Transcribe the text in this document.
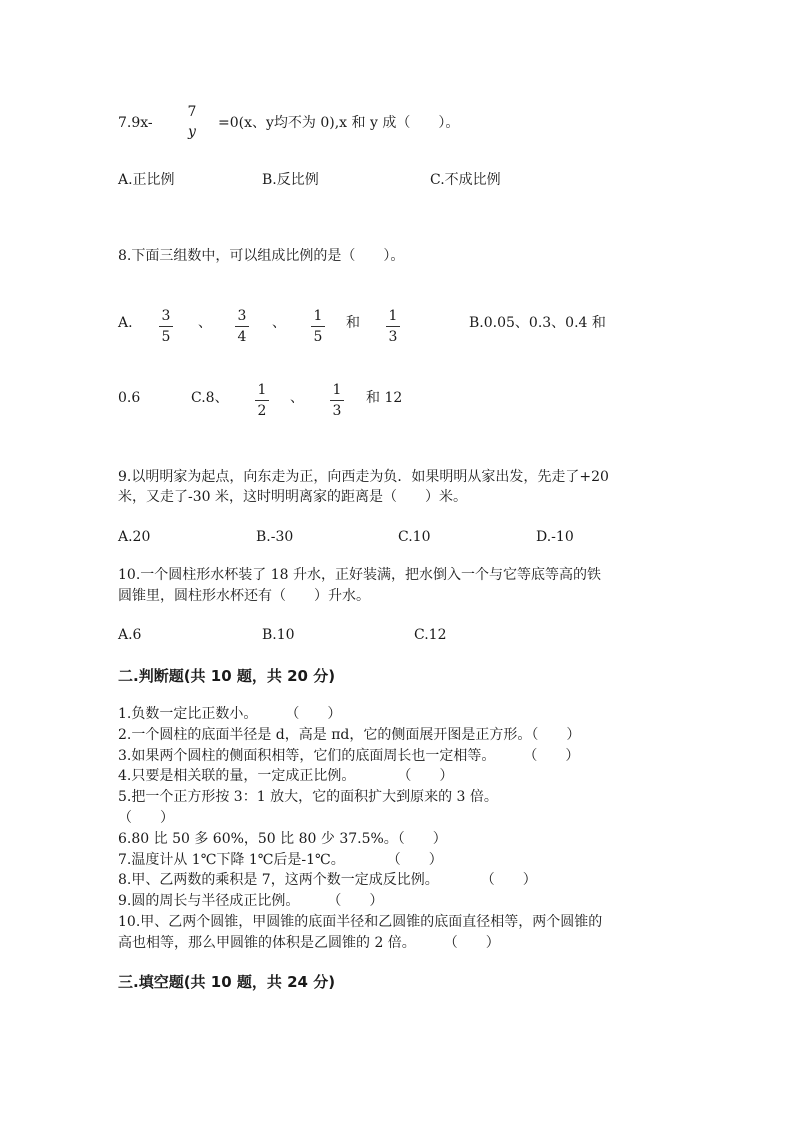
7.9x-
7
y
=0(x、y均不为 0),x 和 y 成（　　）。
A.正比例	B.反比例	C.不成比例
8.下面三组数中，可以组成比例的是（　　）。
A. 3
5
、 3
4
、 1
5
和 1
3
B.0.05、0.3、0.4 和
0.6	C.8、 1
2
、 1
3
和 12
9.以明明家为起点，向东走为正，向西走为负．如果明明从家出发，先走了+20
米，又走了-30 米，这时明明离家的距离是（　　）米。
A.20	B.-30	C.10	D.-10
10.一个圆柱形水杯装了 18 升水，正好装满，把水倒入一个与它等底等高的铁
圆锥里，圆柱形水杯还有（　　）升水。
A.6	B.10	C.12
二.判断题(共 10 题，共 20 分)
1.负数一定比正数小。　　　（　　）
2.一个圆柱的底面半径是 d，高是 πd，它的侧面展开图是正方形。（　　）
3.如果两个圆柱的侧面积相等，它们的底面周长也一定相等。　　　（　　）
4.只要是相关联的量，一定成正比例。　　　　（　　）
5.把一个正方形按 3：1 放大，它的面积扩大到原来的 3 倍。
（　　）
6.80 比 50 多 60%，50 比 80 少 37.5%。（　　）
7.温度计从 1℃下降 1℃后是-1℃。　　　　（　　）
8.甲、乙两数的乘积是 7，这两个数一定成反比例。　　　　（　　）
9.圆的周长与半径成正比例。　　　（　　）
10.甲、乙两个圆锥，甲圆锥的底面半径和乙圆锥的底面直径相等，两个圆锥的
高也相等，那么甲圆锥的体积是乙圆锥的 2 倍。　　　（　　）
三.填空题(共 10 题，共 24 分)
